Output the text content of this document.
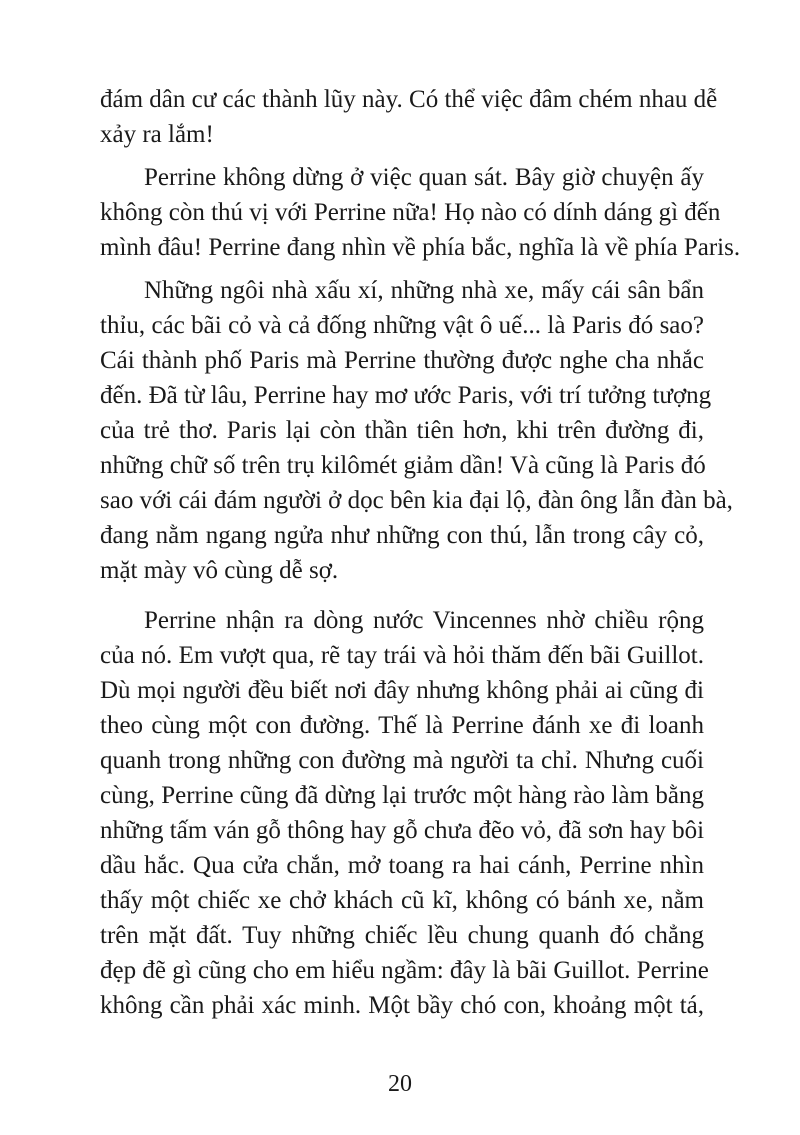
đám dân cư các thành lũy này. Có thể việc đâm chém nhau dễ
xảy ra lắm!
Perrine không dừng ở việc quan sát. Bây giờ chuyện ấy
không còn thú vị với Perrine nữa! Họ nào có dính dáng gì đến
mình đâu! Perrine đang nhìn về phía bắc, nghĩa là về phía Paris.
Những ngôi nhà xấu xí, những nhà xe, mấy cái sân bẩn
thỉu, các bãi cỏ và cả đống những vật ô uế... là Paris đó sao?
Cái thành phố Paris mà Perrine thường được nghe cha nhắc
đến. Đã từ lâu, Perrine hay mơ ước Paris, với trí tưởng tượng
của trẻ thơ. Paris lại còn thần tiên hơn, khi trên đường đi,
những chữ số trên trụ kilômét giảm dần! Và cũng là Paris đó
sao với cái đám người ở dọc bên kia đại lộ, đàn ông lẫn đàn bà,
đang nằm ngang ngửa như những con thú, lẫn trong cây cỏ,
mặt mày vô cùng dễ sợ.
Perrine nhận ra dòng nước Vincennes nhờ chiều rộng
của nó. Em vượt qua, rẽ tay trái và hỏi thăm đến bãi Guillot.
Dù mọi người đều biết nơi đây nhưng không phải ai cũng đi
theo cùng một con đường. Thế là Perrine đánh xe đi loanh
quanh trong những con đường mà người ta chỉ. Nhưng cuối
cùng, Perrine cũng đã dừng lại trước một hàng rào làm bằng
những tấm ván gỗ thông hay gỗ chưa đẽo vỏ, đã sơn hay bôi
dầu hắc. Qua cửa chắn, mở toang ra hai cánh, Perrine nhìn
thấy một chiếc xe chở khách cũ kĩ, không có bánh xe, nằm
trên mặt đất. Tuy những chiếc lều chung quanh đó chẳng
đẹp đẽ gì cũng cho em hiểu ngầm: đây là bãi Guillot. Perrine
không cần phải xác minh. Một bầy chó con, khoảng một tá,
20
